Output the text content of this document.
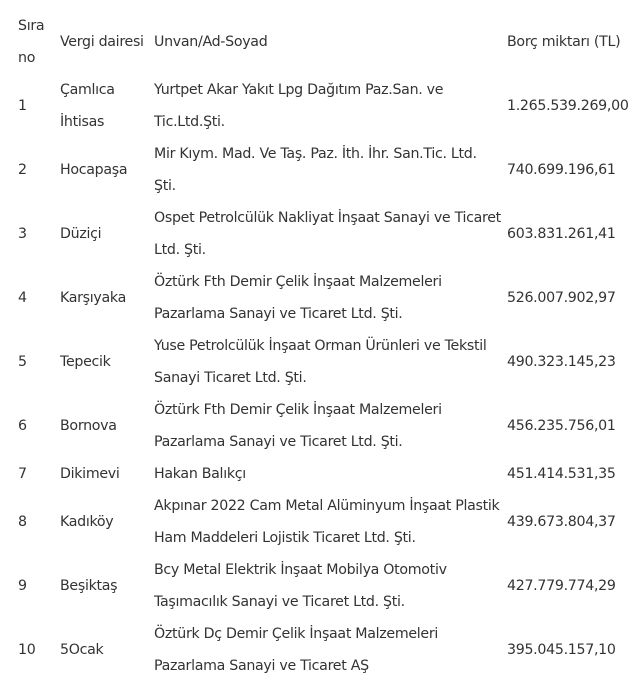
Sıra no	Vergi dairesi	Unvan/Ad-Soyad	Borç miktarı (TL)
1	Çamlıca İhtisas	Yurtpet Akar Yakıt Lpg Dağıtım Paz.San. ve Tic.Ltd.Şti.	1.265.539.269,00
2	Hocapaşa	Mir Kıym. Mad. Ve Taş. Paz. İth. İhr. San.Tic. Ltd. Şti.	740.699.196,61
3	Düziçi	Ospet Petrolcülük Nakliyat İnşaat Sanayi ve Ticaret Ltd. Şti.	603.831.261,41
4	Karşıyaka	Öztürk Fth Demir Çelik İnşaat Malzemeleri Pazarlama Sanayi ve Ticaret Ltd. Şti.	526.007.902,97
5	Tepecik	Yuse Petrolcülük İnşaat Orman Ürünleri ve Tekstil Sanayi Ticaret Ltd. Şti.	490.323.145,23
6	Bornova	Öztürk Fth Demir Çelik İnşaat Malzemeleri Pazarlama Sanayi ve Ticaret Ltd. Şti.	456.235.756,01
7	Dikimevi	Hakan Balıkçı	451.414.531,35
8	Kadıköy	Akpınar 2022 Cam Metal Alüminyum İnşaat Plastik Ham Maddeleri Lojistik Ticaret Ltd. Şti.	439.673.804,37
9	Beşiktaş	Bcy Metal Elektrik İnşaat Mobilya Otomotiv Taşımacılık Sanayi ve Ticaret Ltd. Şti.	427.779.774,29
10	5Ocak	Öztürk Dç Demir Çelik İnşaat Malzemeleri Pazarlama Sanayi ve Ticaret AŞ	395.045.157,10
